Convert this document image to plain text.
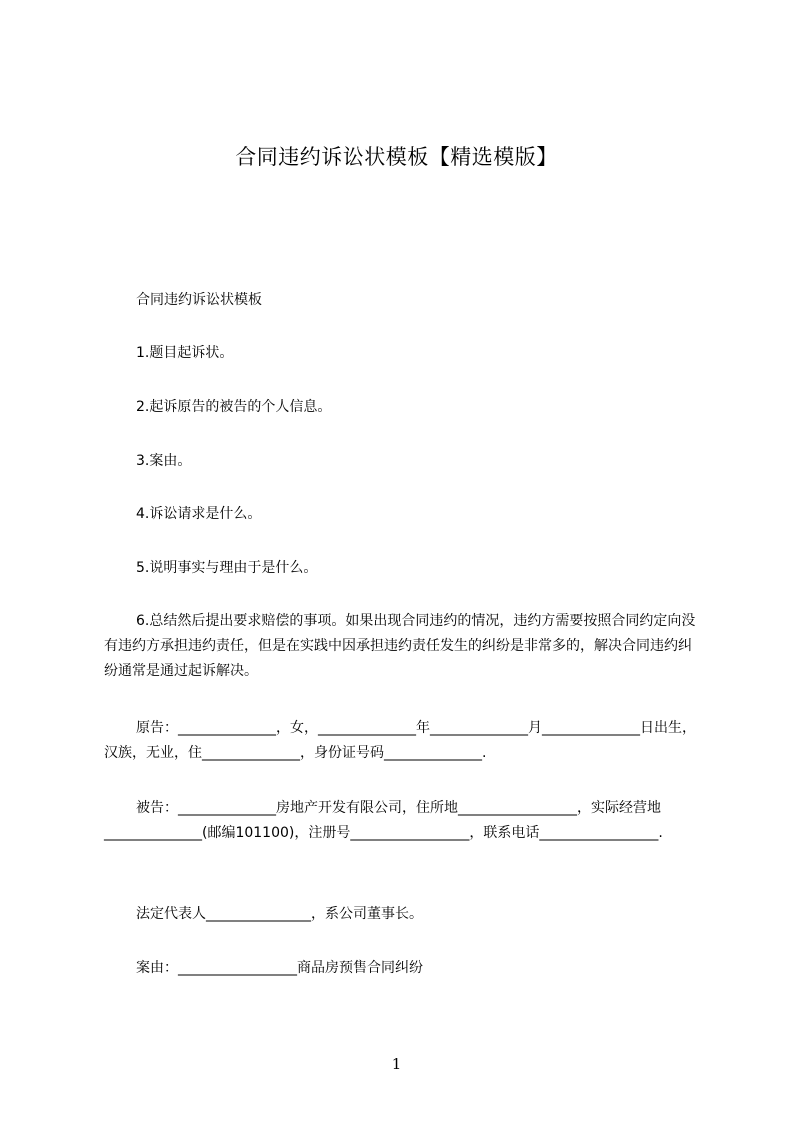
合同违约诉讼状模板【精选模版】

合同违约诉讼状模板

1.题目起诉状。

2.起诉原告的被告的个人信息。

3.案由。

4.诉讼请求是什么。

5.说明事实与理由于是什么。

6.总结然后提出要求赔偿的事项。如果出现合同违约的情况，违约方需要按照合同约定向没有违约方承担违约责任，但是在实践中因承担违约责任发生的纠纷是非常多的，解决合同违约纠纷通常是通过起诉解决。

原告：______________，女，______________年______________月______________日出生，汉族，无业，住______________，身份证号码______________.

被告：______________房地产开发有限公司，住所地_________________，实际经营地______________(邮编101100)，注册号_________________，联系电话_________________.

法定代表人_______________，系公司董事长。

案由：_________________商品房预售合同纠纷

1
